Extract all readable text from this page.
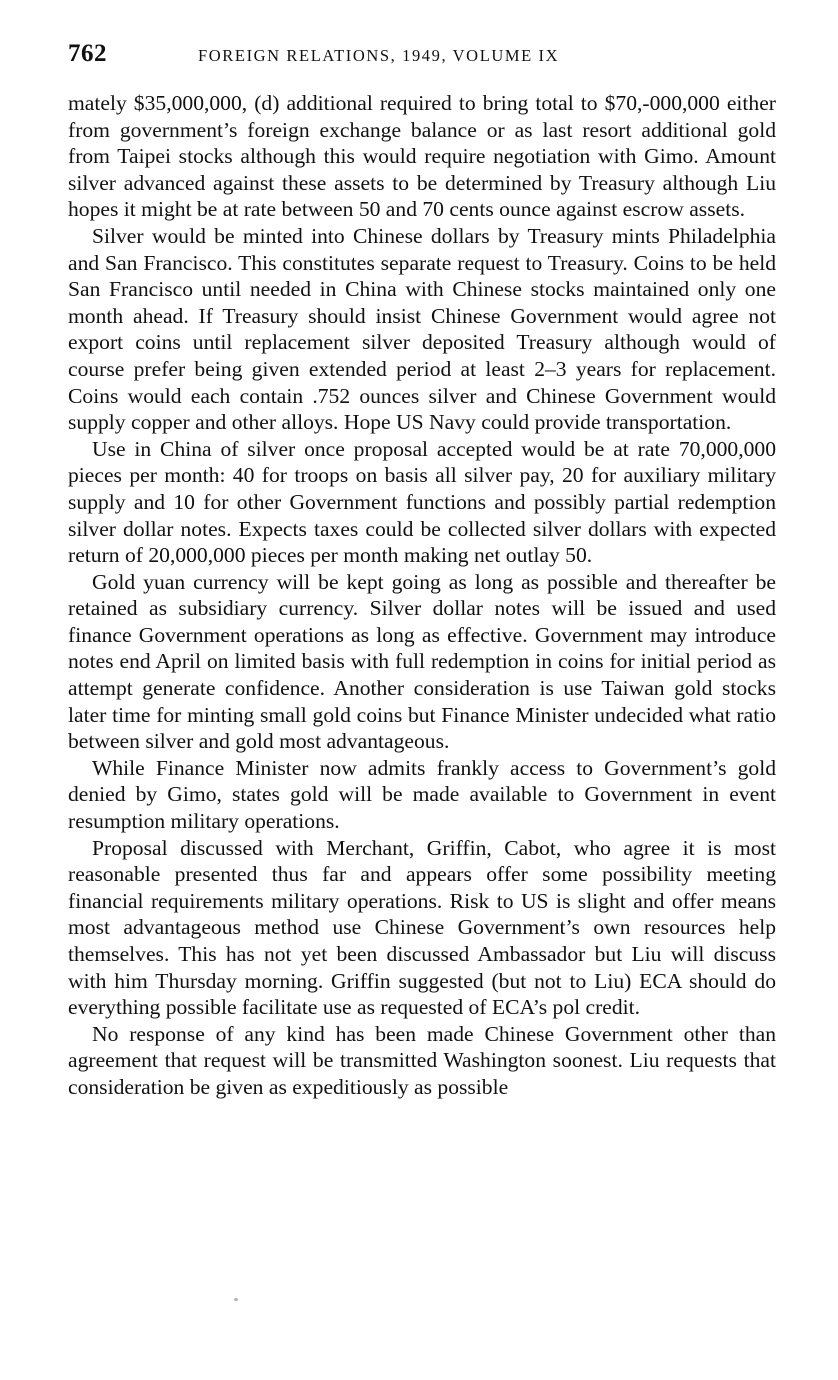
762	FOREIGN RELATIONS, 1949, VOLUME IX

mately $35,000,000, (d) additional required to bring total to $70,-000,000 either from government’s foreign exchange balance or as last resort additional gold from Taipei stocks although this would require negotiation with Gimo. Amount silver advanced against these assets to be determined by Treasury although Liu hopes it might be at rate between 50 and 70 cents ounce against escrow assets.

Silver would be minted into Chinese dollars by Treasury mints Philadelphia and San Francisco. This constitutes separate request to Treasury. Coins to be held San Francisco until needed in China with Chinese stocks maintained only one month ahead. If Treasury should insist Chinese Government would agree not export coins until replacement silver deposited Treasury although would of course prefer being given extended period at least 2–3 years for replacement. Coins would each contain .752 ounces silver and Chinese Government would supply copper and other alloys. Hope US Navy could provide transportation.

Use in China of silver once proposal accepted would be at rate 70,000,000 pieces per month: 40 for troops on basis all silver pay, 20 for auxiliary military supply and 10 for other Government functions and possibly partial redemption silver dollar notes. Expects taxes could be collected silver dollars with expected return of 20,000,000 pieces per month making net outlay 50.

Gold yuan currency will be kept going as long as possible and thereafter be retained as subsidiary currency. Silver dollar notes will be issued and used finance Government operations as long as effective. Government may introduce notes end April on limited basis with full redemption in coins for initial period as attempt generate confidence. Another consideration is use Taiwan gold stocks later time for minting small gold coins but Finance Minister undecided what ratio between silver and gold most advantageous.

While Finance Minister now admits frankly access to Government’s gold denied by Gimo, states gold will be made available to Government in event resumption military operations.

Proposal discussed with Merchant, Griffin, Cabot, who agree it is most reasonable presented thus far and appears offer some possibility meeting financial requirements military operations. Risk to US is slight and offer means most advantageous method use Chinese Government’s own resources help themselves. This has not yet been discussed Ambassador but Liu will discuss with him Thursday morning. Griffin suggested (but not to Liu) ECA should do everything possible facilitate use as requested of ECA’s pol credit.

No response of any kind has been made Chinese Government other than agreement that request will be transmitted Washington soonest. Liu requests that consideration be given as expeditiously as possible
